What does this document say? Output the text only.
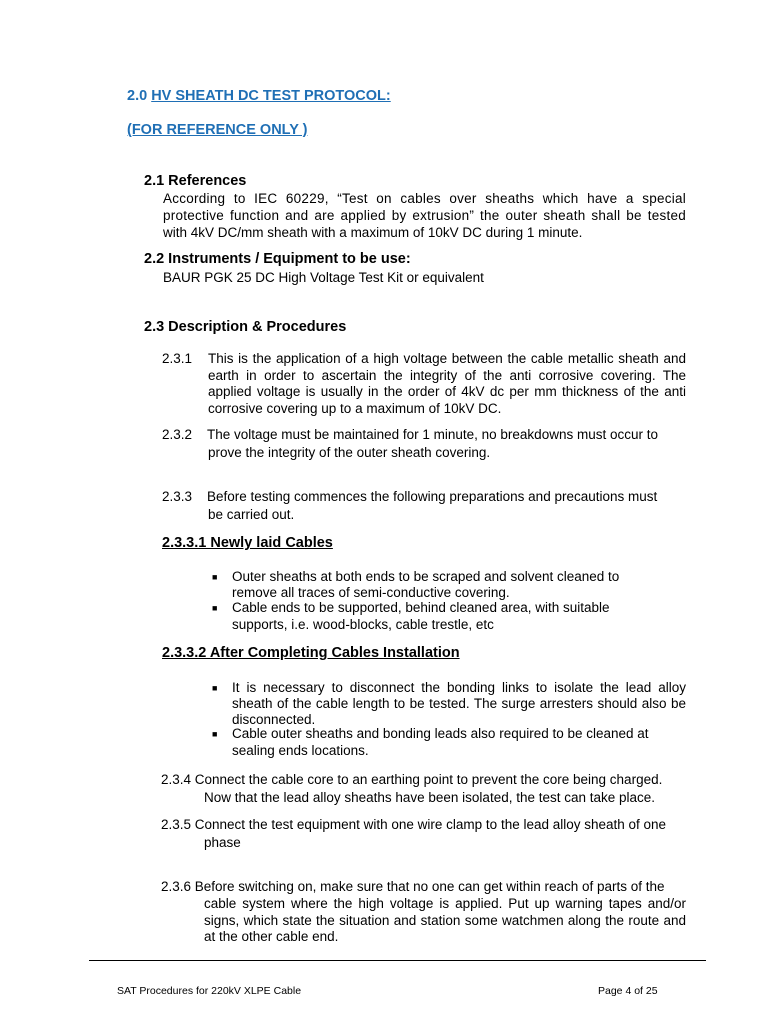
2.0 HV SHEATH DC TEST PROTOCOL:
(FOR REFERENCE ONLY )
2.1 References
According to IEC 60229, “Test on cables over sheaths which have a special protective function and are applied by extrusion” the outer sheath shall be tested
with 4kV DC/mm sheath with a maximum of 10kV DC during 1 minute.
2.2 Instruments / Equipment to be use:
BAUR PGK 25 DC High Voltage Test Kit or equivalent
2.3 Description & Procedures
2.3.1 This is the application of a high voltage between the cable metallic sheath and earth in order to ascertain the integrity of the anti corrosive covering. The applied voltage is usually in the order of 4kV dc per mm thickness of the anti corrosive covering up to a maximum of 10kV DC.
2.3.2 The voltage must be maintained for 1 minute, no breakdowns must occur to
prove the integrity of the outer sheath covering.
2.3.3 Before testing commences the following preparations and precautions must
be carried out.
2.3.3.1 Newly laid Cables
■ Outer sheaths at both ends to be scraped and solvent cleaned to
remove all traces of semi-conductive covering.
■ Cable ends to be supported, behind cleaned area, with suitable
supports, i.e. wood-blocks, cable trestle, etc
2.3.3.2 After Completing Cables Installation
■ It is necessary to disconnect the bonding links to isolate the lead alloy sheath of the cable length to be tested. The surge arresters should also be disconnected.
■ Cable outer sheaths and bonding leads also required to be cleaned at
sealing ends locations.
2.3.4 Connect the cable core to an earthing point to prevent the core being charged.
Now that the lead alloy sheaths have been isolated, the test can take place.
2.3.5 Connect the test equipment with one wire clamp to the lead alloy sheath of one
phase
2.3.6 Before switching on, make sure that no one can get within reach of parts of the
cable system where the high voltage is applied. Put up warning tapes and/or signs, which state the situation and station some watchmen along the route and at the other cable end.
SAT Procedures for 220kV XLPE Cable	Page 4 of 25
